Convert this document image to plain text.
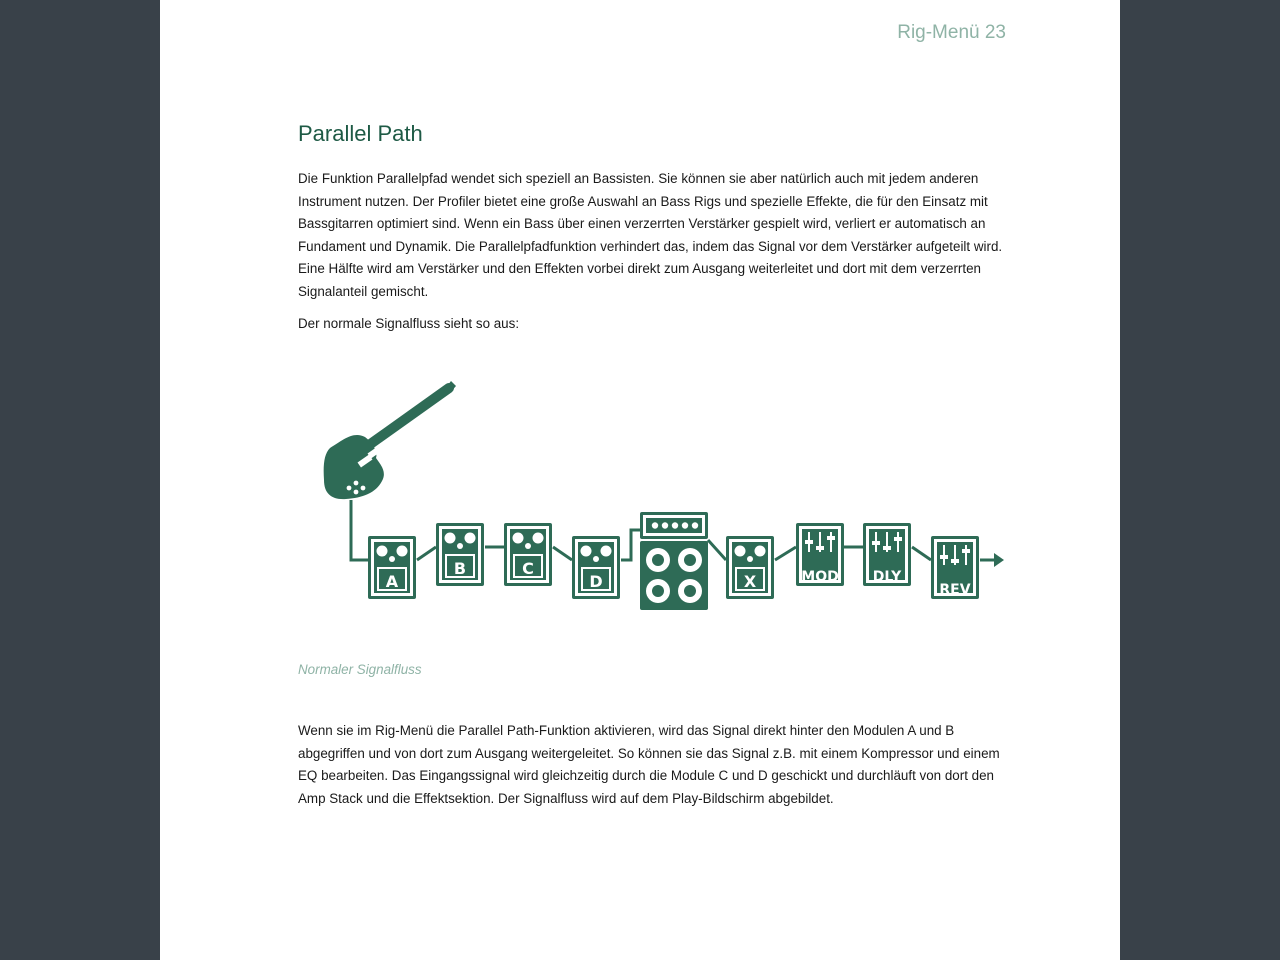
Rig-Menü 23
Parallel Path

Die Funktion Parallelpfad wendet sich speziell an Bassisten. Sie können sie aber natürlich auch mit jedem anderen Instrument nutzen. Der Profiler bietet eine große Auswahl an Bass Rigs und spezielle Effekte, die für den Einsatz mit Bassgitarren optimiert sind. Wenn ein Bass über einen verzerrten Verstärker gespielt wird, verliert er automatisch an Fundament und Dynamik. Die Parallelpfadfunktion verhindert das, indem das Signal vor dem Verstärker aufgeteilt wird. Eine Hälfte wird am Verstärker und den Effekten vorbei direkt zum Ausgang weiterleitet und dort mit dem verzerrten Signalanteil gemischt.

Der normale Signalfluss sieht so aus:

A
B	C
D	X	MOD DLY
REV
Normaler Signalfluss

Wenn sie im Rig-Menü die Parallel Path-Funktion aktivieren, wird das Signal direkt hinter den Modulen A und B abgegriffen und von dort zum Ausgang weitergeleitet. So können sie das Signal z.B. mit einem Kompressor und einem EQ bearbeiten. Das Eingangssignal wird gleichzeitig durch die Module C und D geschickt und durchläuft von dort den Amp Stack und die Effektsektion. Der Signalfluss wird auf dem Play-Bildschirm abgebildet.
